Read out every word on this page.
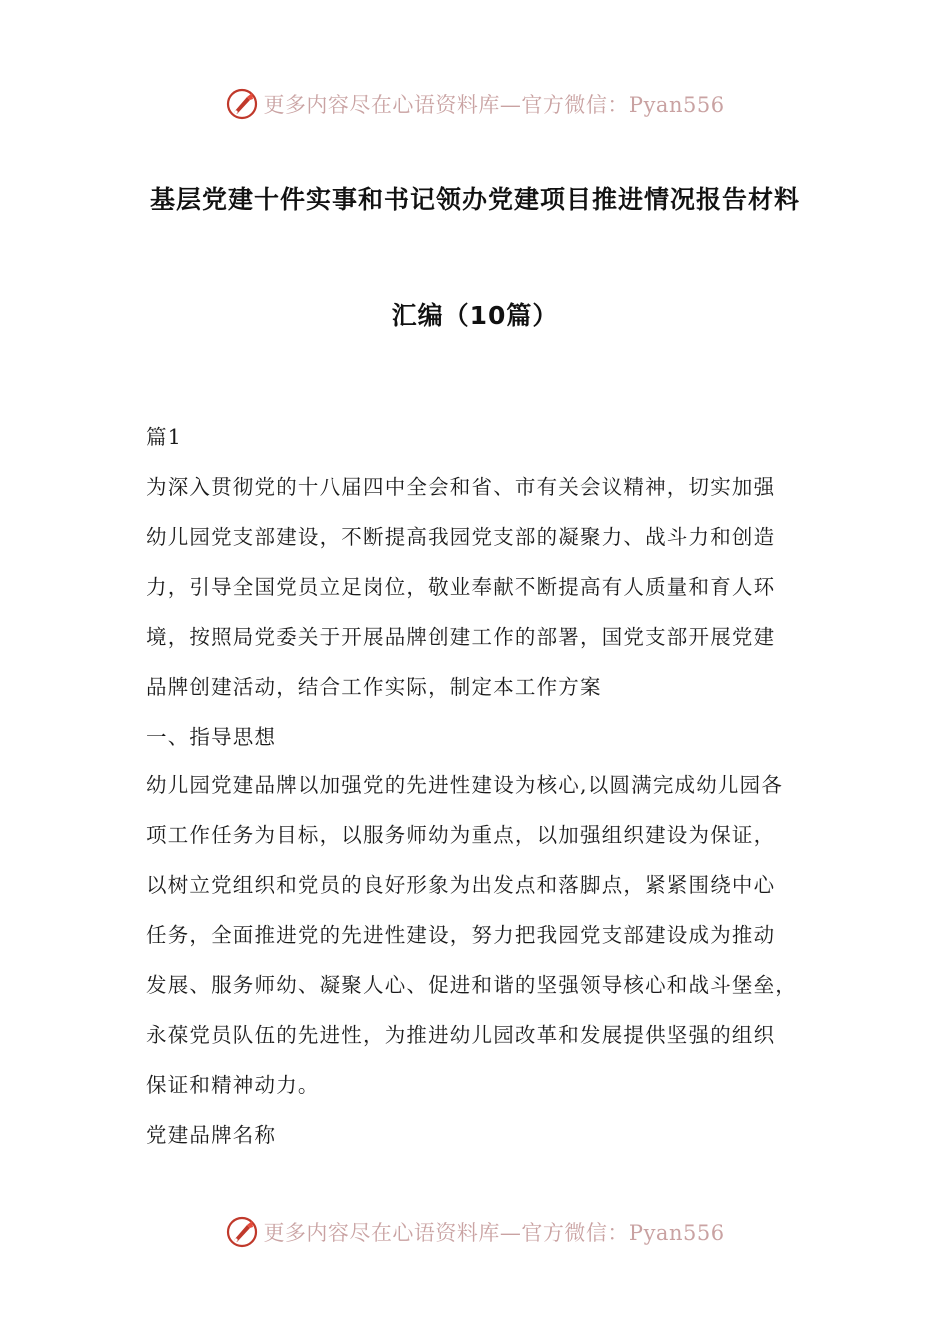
更多内容尽在心语资料库—官方微信：Pyan556
基层党建十件实事和书记领办党建项目推进情况报告材料
汇编（10篇）
篇1
为深入贯彻党的十八届四中全会和省、市有关会议精神，切实加强
幼儿园党支部建设，不断提高我园党支部的凝聚力、战斗力和创造
力，引导全国党员立足岗位，敬业奉献不断提高有人质量和育人环
境，按照局党委关于开展品牌创建工作的部署，国党支部开展党建
品牌创建活动，结合工作实际，制定本工作方案
一、指导思想
幼儿园党建品牌以加强党的先进性建设为核心,以圆满完成幼儿园各
项工作任务为目标，以服务师幼为重点，以加强组织建设为保证，
以树立党组织和党员的良好形象为出发点和落脚点，紧紧围绕中心
任务，全面推进党的先进性建设，努力把我园党支部建设成为推动
发展、服务师幼、凝聚人心、促进和谐的坚强领导核心和战斗堡垒，
永葆党员队伍的先进性，为推进幼儿园改革和发展提供坚强的组织
保证和精神动力。
党建品牌名称
更多内容尽在心语资料库—官方微信：Pyan556
